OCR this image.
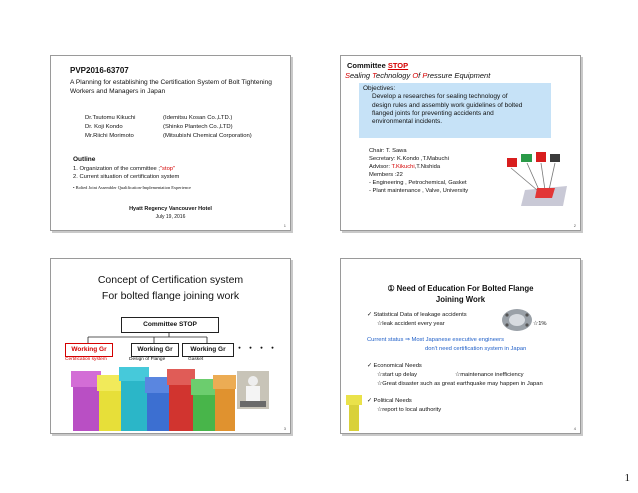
PVP2016-63707
A Planning for establishing the Certification System of Bolt Tightening Workers and Managers in Japan
Dr.Tsutomu Kikuchi	(Idemitsu Kosan Co.,LTD.)
Dr. Koji Kondo	(Shinko Plantech Co.,LTD)
Mr.Riichi Morimoto	(Mitsubishi Chemical Corporation)
Outline
1. Organization of the committee ;"stop"
2. Current situation of certification system
• Bolted Joint Assembler Qualification-Implementation Experience
Hyatt Regency Vancouver Hotel
July 19, 2016
1
Committee STOP
Sealing Technology Of Pressure Equipment
Objectives:
Develop a researches for sealing technology of
design rules and assembly work guidelines of bolted
flanged joints for preventing accidents and
environmental incidents.
Chair: T. Sawa
Secretary: K.Kondo ,T.Mabuchi
Advisor: T.Kikuchi,T.Nishida
Members :22
- Engineering , Petrochemical, Gasket
- Plant maintenance , Valve, University
2
Concept of Certification system
For bolted flange joining work
Committee STOP
Working Gr	Working Gr	Working Gr	・・・・
Certification system	Design of Flange	Gasket
3
① Need of Education For Bolted Flange
Joining Work
✓ Statistical Data of leakage accidents
☆leak accident every year	☆1%
Current status ⇒ Most Japanese executive engineers
don't need certification system in Japan
✓ Economical Needs
☆start up delay	☆maintenance inefficiency
☆Great disaster such as great earthquake may happen in Japan
✓ Political Needs
☆report to local authority
4
1
